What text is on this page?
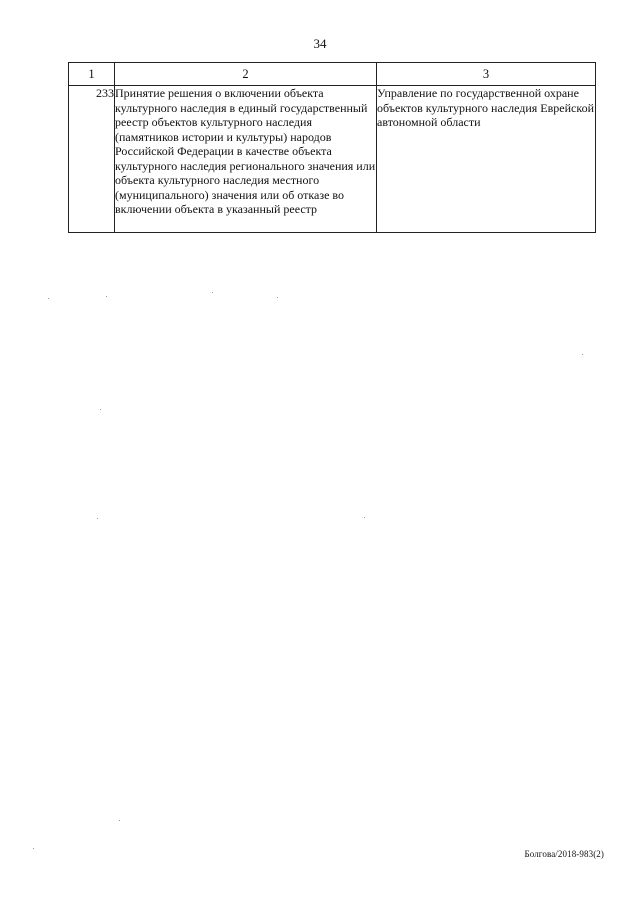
34
1	2	3
233	Принятие решения о включении объекта культурного наследия в единый государственный реестр объектов культурного наследия (памятников истории и культуры) народов Российской Федерации в качестве объекта культурного наследия регионального значения или объекта культурного наследия местного (муниципального) значения или об отказе во включении объекта в указанный реестр	Управление по государственной охране объектов культурного наследия Еврейской автономной области
Болгова/2018-983(2)
